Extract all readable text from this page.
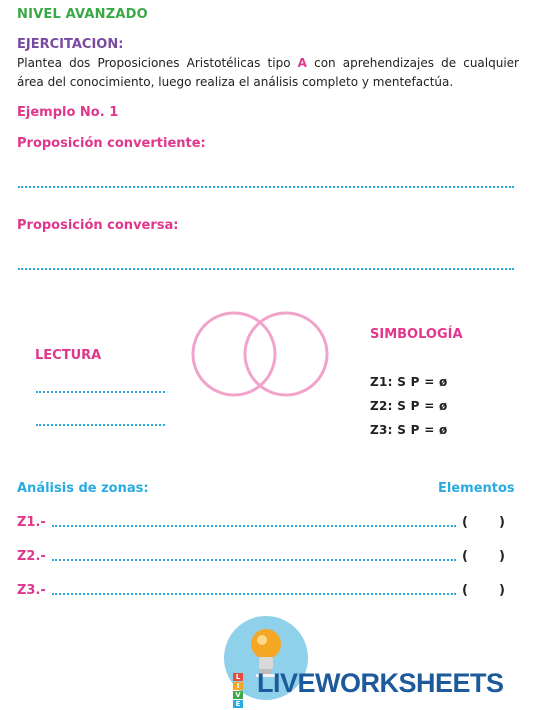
NIVEL AVANZADO
EJERCITACION:
Plantea dos Proposiciones Aristotélicas tipo A con aprehendizajes de cualquier área del conocimiento, luego realiza el análisis completo y mentefactúa.
Ejemplo No. 1
Proposición convertiente:
Proposición conversa:
LECTURA
SIMBOLOGÍA
Z1: S P = ø
Z2: S P = ø
Z3: S P = ø
Análisis de zonas:	Elementos
Z1.-	( )
Z2.-	( )
Z3.-	( )
L
I
V
E
LIVEWORKSHEETS
